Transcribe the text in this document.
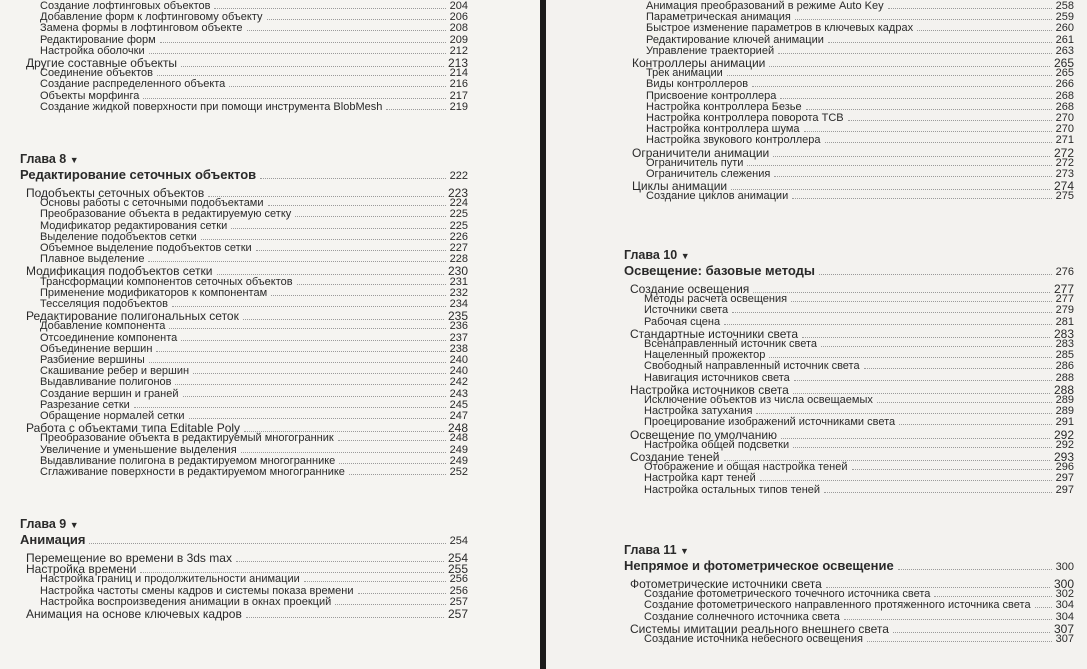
Создание лофтинговых объектов	204
Добавление форм к лофтинговому объекту	206
Замена формы в лофтинговом объекте	208
Редактирование форм	209
Настройка оболочки	212
Другие составные объекты	213
Соединение объектов	214
Создание распределенного объекта	216
Объекты морфинга	217
Создание жидкой поверхности при помощи инструмента BlobMesh	219
Глава 8 ▼
Редактирование сеточных объектов	222
Подобъекты сеточных объектов	223
Основы работы с сеточными подобъектами	224
Преобразование объекта в редактируемую сетку	225
Модификатор редактирования сетки	225
Выделение подобъектов сетки	226
Объемное выделение подобъектов сетки	227
Плавное выделение	228
Модификация подобъектов сетки	230
Трансформации компонентов сеточных объектов	231
Применение модификаторов к компонентам	232
Тесселяция подобъектов	234
Редактирование полигональных сеток	235
Добавление компонента	236
Отсоединение компонента	237
Объединение вершин	238
Разбиение вершины	240
Скашивание ребер и вершин	240
Выдавливание полигонов	242
Создание вершин и граней	243
Разрезание сетки	245
Обращение нормалей сетки	247
Работа с объектами типа Editable Poly	248
Преобразование объекта в редактируемый многогранник	248
Увеличение и уменьшение выделения	249
Выдавливание полигона в редактируемом многограннике	249
Сглаживание поверхности в редактируемом многограннике	252
Глава 9 ▼
Анимация	254
Перемещение во времени в 3ds max	254
Настройка времени	255
Настройка границ и продолжительности анимации	256
Настройка частоты смены кадров и системы показа времени	256
Настройка воспроизведения анимации в окнах проекций	257
Анимация на основе ключевых кадров	257
Анимация преобразований в режиме Auto Key	258
Параметрическая анимация	259
Быстрое изменение параметров в ключевых кадрах	260
Редактирование ключей анимации	261
Управление траекторией	263
Контроллеры анимации	265
Трек анимации	265
Виды контроллеров	266
Присвоение контроллера	268
Настройка контроллера Безье	268
Настройка контроллера поворота TCB	270
Настройка контроллера шума	270
Настройка звукового контроллера	271
Ограничители анимации	272
Ограничитель пути	272
Ограничитель слежения	273
Циклы анимации	274
Создание циклов анимации	275
Глава 10 ▼
Освещение: базовые методы	276
Создание освещения	277
Методы расчета освещения	277
Источники света	279
Рабочая сцена	281
Стандартные источники света	283
Всенаправленный источник света	283
Нацеленный прожектор	285
Свободный направленный источник света	286
Навигация источников света	288
Настройка источников света	288
Исключение объектов из числа освещаемых	289
Настройка затухания	289
Проецирование изображений источниками света	291
Освещение по умолчанию	292
Настройка общей подсветки	292
Создание теней	293
Отображение и общая настройка теней	296
Настройка карт теней	297
Настройка остальных типов теней	297
Глава 11 ▼
Непрямое и фотометрическое освещение	300
Фотометрические источники света	300
Создание фотометрического точечного источника света	302
Создание фотометрического направленного протяженного источника света 304
Создание солнечного источника света	304
Системы имитации реального внешнего света	307
Создание источника небесного освещения	307
